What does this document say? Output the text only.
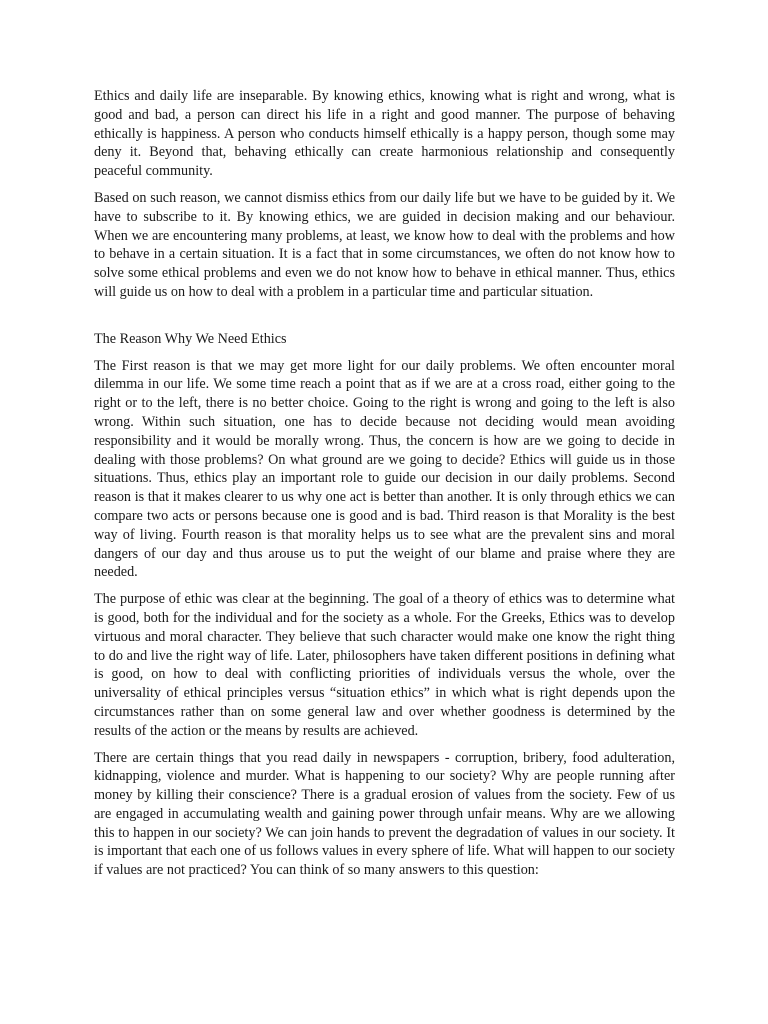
Ethics and daily life are inseparable. By knowing ethics, knowing what is right and wrong, what is good and bad, a person can direct his life in a right and good manner. The purpose of behaving ethically is happiness. A person who conducts himself ethically is a happy person, though some may deny it. Beyond that, behaving ethically can create harmonious relationship and consequently peaceful community.

Based on such reason, we cannot dismiss ethics from our daily life but we have to be guided by it. We have to subscribe to it. By knowing ethics, we are guided in decision making and our behaviour. When we are encountering many problems, at least, we know how to deal with the problems and how to behave in a certain situation. It is a fact that in some circumstances, we often do not know how to solve some ethical problems and even we do not know how to behave in ethical manner. Thus, ethics will guide us on how to deal with a problem in a particular time and particular situation.

The Reason Why We Need Ethics

The First reason is that we may get more light for our daily problems. We often encounter moral dilemma in our life. We some time reach a point that as if we are at a cross road, either going to the right or to the left, there is no better choice. Going to the right is wrong and going to the left is also wrong. Within such situation, one has to decide because not deciding would mean avoiding responsibility and it would be morally wrong. Thus, the concern is how are we going to decide in dealing with those problems? On what ground are we going to decide? Ethics will guide us in those situations. Thus, ethics play an important role to guide our decision in our daily problems. Second reason is that it makes clearer to us why one act is better than another. It is only through ethics we can compare two acts or persons because one is good and is bad. Third reason is that Morality is the best way of living. Fourth reason is that morality helps us to see what are the prevalent sins and moral dangers of our day and thus arouse us to put the weight of our blame and praise where they are needed.

The purpose of ethic was clear at the beginning. The goal of a theory of ethics was to determine what is good, both for the individual and for the society as a whole. For the Greeks, Ethics was to develop virtuous and moral character. They believe that such character would make one know the right thing to do and live the right way of life. Later, philosophers have taken different positions in defining what is good, on how to deal with conflicting priorities of individuals versus the whole, over the universality of ethical principles versus “situation ethics” in which what is right depends upon the circumstances rather than on some general law and over whether goodness is determined by the results of the action or the means by results are achieved.

There are certain things that you read daily in newspapers - corruption, bribery, food adulteration, kidnapping, violence and murder. What is happening to our society? Why are people running after money by killing their conscience? There is a gradual erosion of values from the society. Few of us are engaged in accumulating wealth and gaining power through unfair means. Why are we allowing this to happen in our society? We can join hands to prevent the degradation of values in our society. It is important that each one of us follows values in every sphere of life. What will happen to our society if values are not practiced? You can think of so many answers to this question:
